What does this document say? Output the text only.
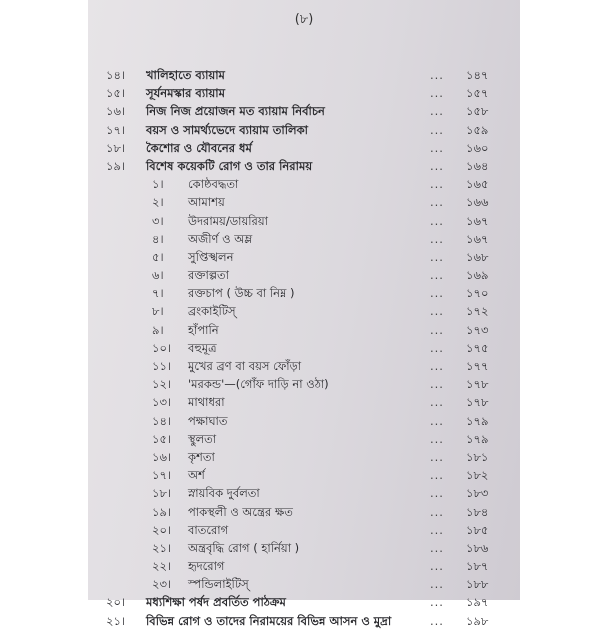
(৮)
১৪। খালিহাতে ব্যায়াম	... ১৪৭
১৫। সূর্যনমস্কার ব্যায়াম	... ১৫৭
১৬। নিজ নিজ প্রয়োজন মত ব্যায়াম নির্বাচন	... ১৫৮
১৭। বয়স ও সামর্থ্যভেদে ব্যায়াম তালিকা	... ১৫৯
১৮। কৈশোর ও যৌবনের ধর্ম	... ১৬০
১৯। বিশেষ কয়েকটি রোগ ও তার নিরাময়	... ১৬৪
১। কোষ্ঠবদ্ধতা	... ১৬৫
২। আমাশয়	... ১৬৬
৩। উদরাময়/ডায়রিয়া	... ১৬৭
৪। অজীর্ণ ও অম্ল	... ১৬৭
৫। সুপ্তিস্খলন	... ১৬৮
৬। রক্তাল্পতা	... ১৬৯
৭। রক্তচাপ ( উচ্চ বা নিম্ন )	... ১৭০
৮। ব্রংকাইটিস্	... ১৭২
৯। হাঁপানি	... ১৭৩
১০। বহুমূত্র	... ১৭৫
১১। মুখের ব্রণ বা বয়স ফোঁড়া	... ১৭৭
১২। 'মরকন্ড'—(গোঁফ দাড়ি না ওঠা)	... ১৭৮
১৩। মাথাধরা	... ১৭৮
১৪। পক্ষাঘাত	... ১৭৯
১৫। স্থুলতা	... ১৭৯
১৬। কৃশতা	... ১৮১
১৭। অর্শ	... ১৮২
১৮। স্নায়বিক দুর্বলতা	... ১৮৩
১৯। পাকস্থলী ও অন্ত্রের ক্ষত	... ১৮৪
২০। বাতরোগ	... ১৮৫
২১। অন্ত্রবৃদ্ধি রোগ ( হার্নিয়া )	... ১৮৬
২২। হৃদরোগ	... ১৮৭
২৩। স্পন্ডিলাইটিস্	... ১৮৮
২০। মধ্যশিক্ষা পর্ষদ প্রবর্তিত পাঠক্রম	... ১৯৭
২১। বিভিন্ন রোগ ও তাদের নিরাময়ের বিভিন্ন আসন ও মুদ্রা	... ১৯৮
